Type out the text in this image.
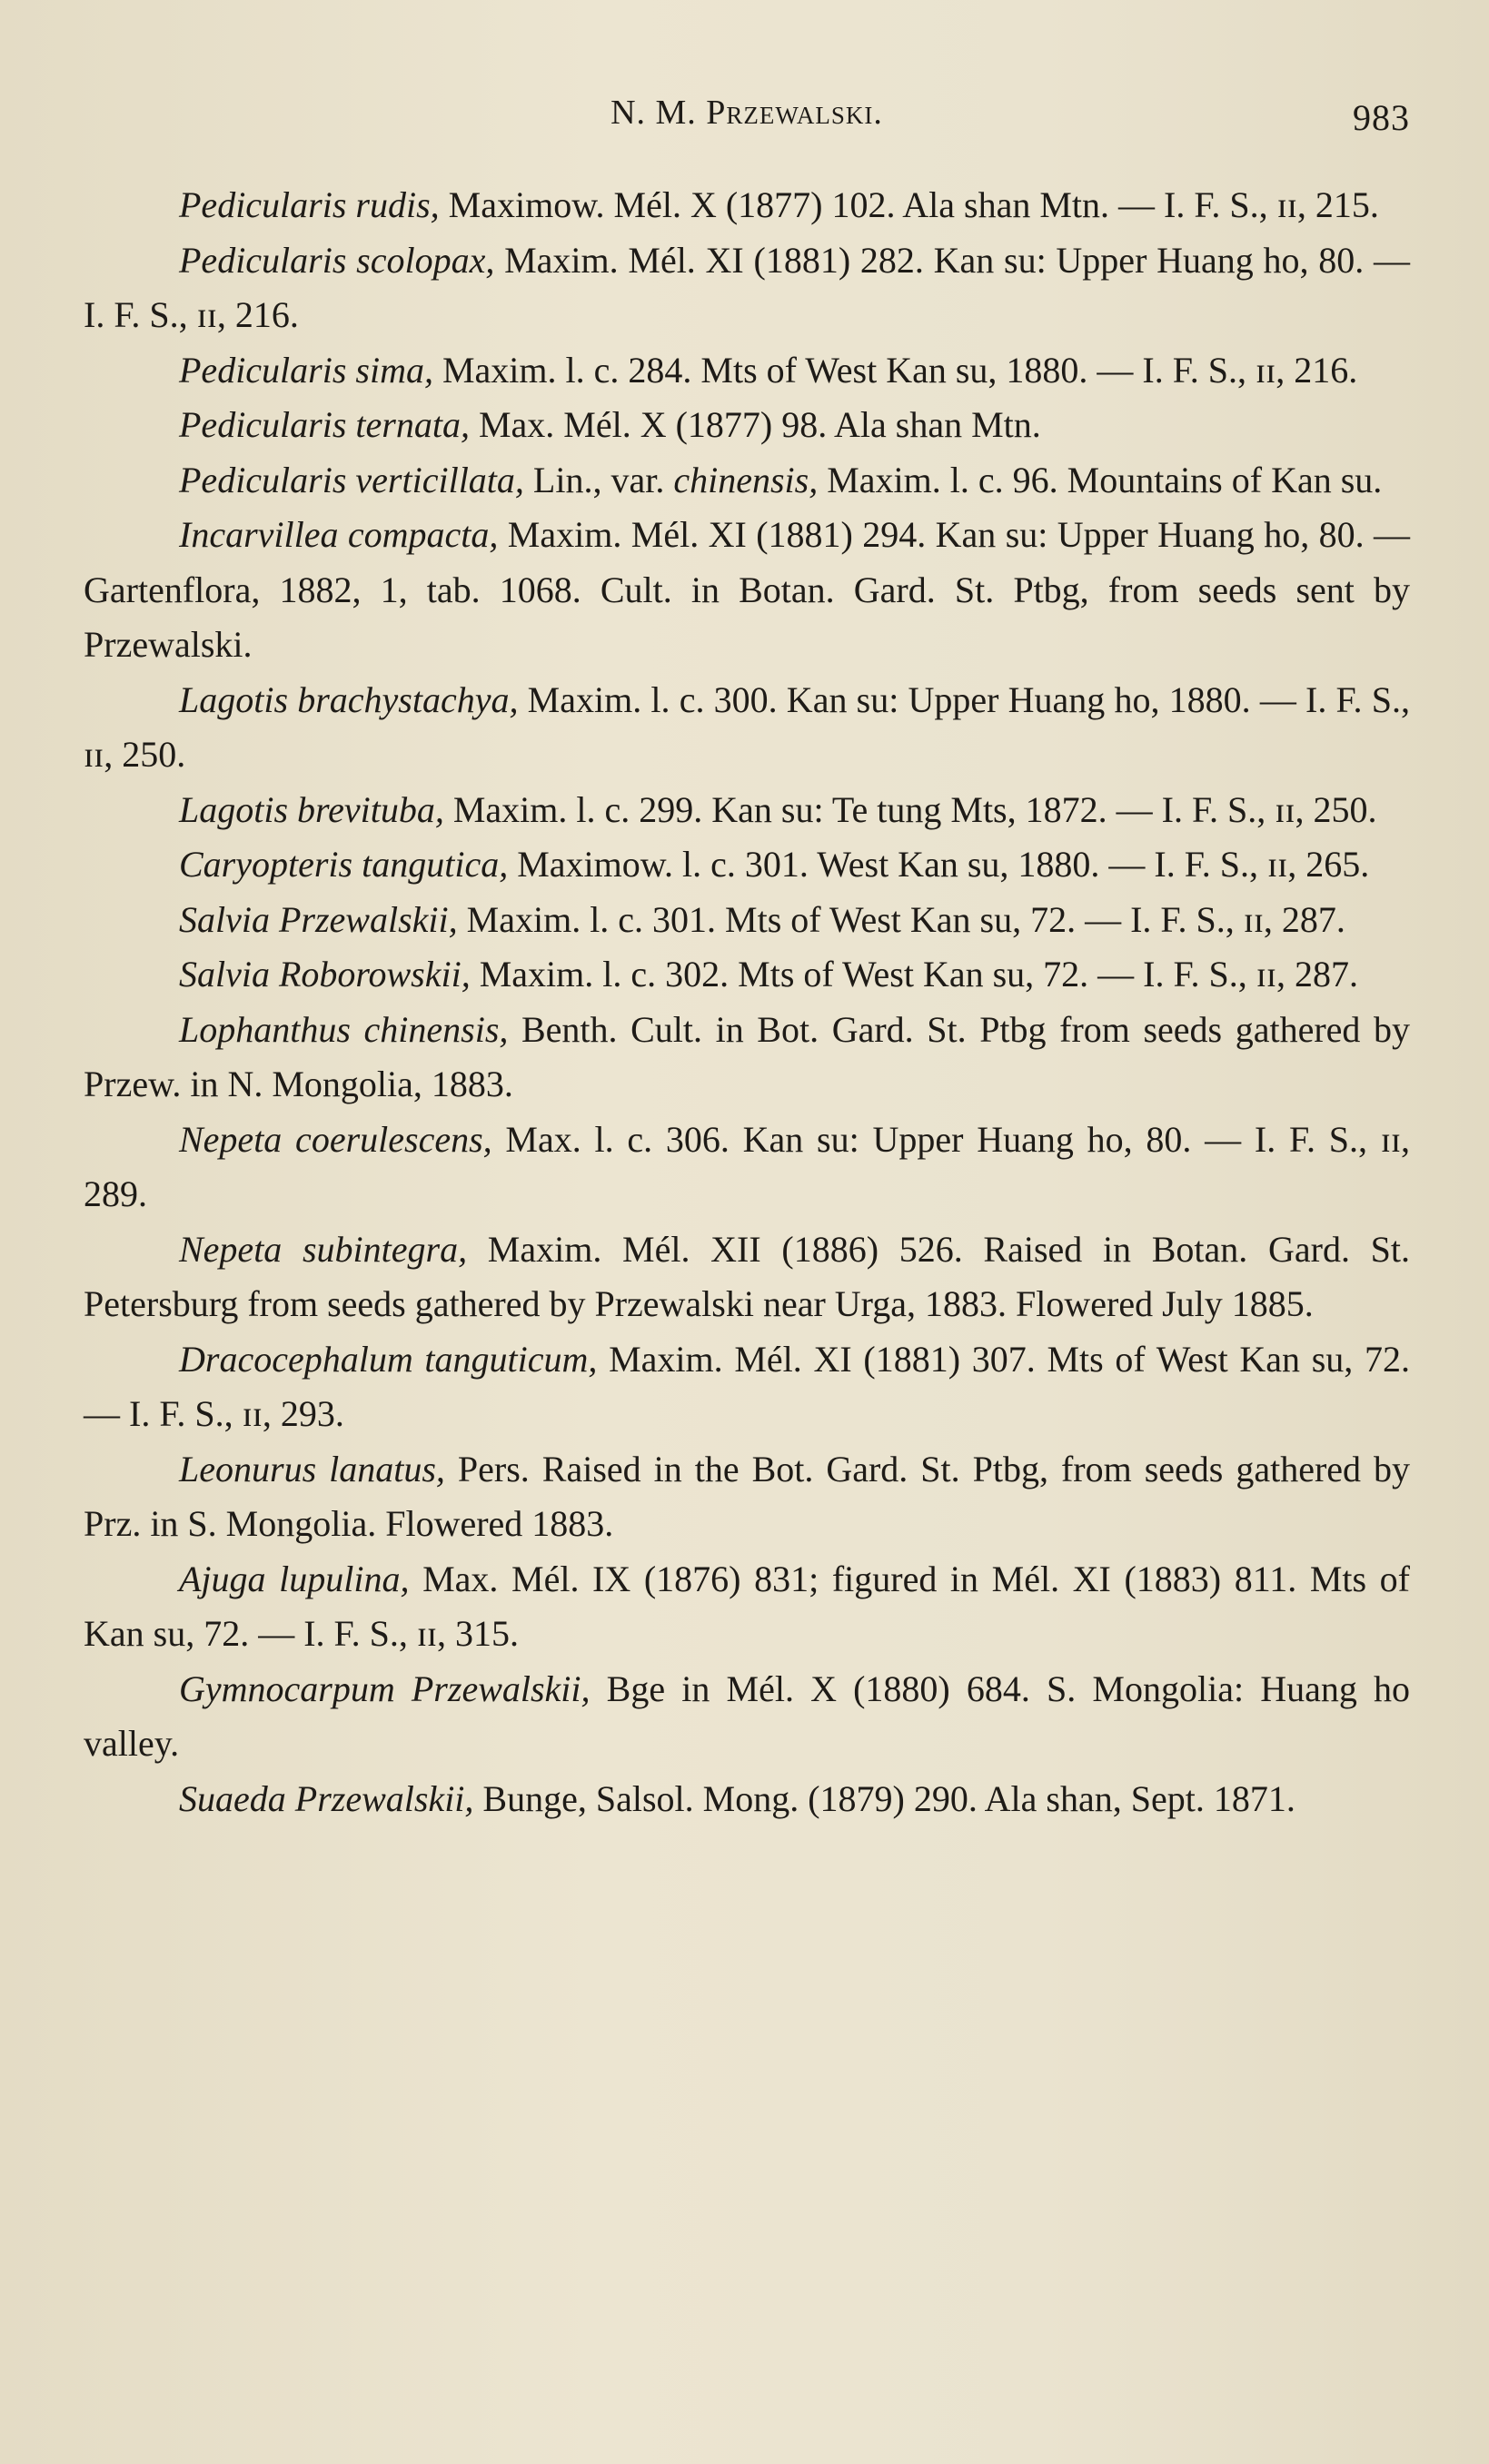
N. M. Przewalski.	983

Pedicularis rudis, Maximow. Mél. X (1877) 102. Ala shan Mtn. — I. F. S., ɪɪ, 215.

Pedicularis scolopax, Maxim. Mél. XI (1881) 282. Kan su: Upper Huang ho, 80. — I. F. S., ɪɪ, 216.

Pedicularis sima, Maxim. l. c. 284. Mts of West Kan su, 1880. — I. F. S., ɪɪ, 216.

Pedicularis ternata, Max. Mél. X (1877) 98. Ala shan Mtn.

Pedicularis verticillata, Lin., var. chinensis, Maxim. l. c. 96. Mountains of Kan su.

Incarvillea compacta, Maxim. Mél. XI (1881) 294. Kan su: Upper Huang ho, 80. — Gartenflora, 1882, 1, tab. 1068. Cult. in Botan. Gard. St. Ptbg, from seeds sent by Przewalski.

Lagotis brachystachya, Maxim. l. c. 300. Kan su: Upper Huang ho, 1880. — I. F. S., ɪɪ, 250.

Lagotis brevituba, Maxim. l. c. 299. Kan su: Te tung Mts, 1872. — I. F. S., ɪɪ, 250.

Caryopteris tangutica, Maximow. l. c. 301. West Kan su, 1880. — I. F. S., ɪɪ, 265.

Salvia Przewalskii, Maxim. l. c. 301. Mts of West Kan su, 72. — I. F. S., ɪɪ, 287.

Salvia Roborowskii, Maxim. l. c. 302. Mts of West Kan su, 72. — I. F. S., ɪɪ, 287.

Lophanthus chinensis, Benth. Cult. in Bot. Gard. St. Ptbg from seeds gathered by Przew. in N. Mongolia, 1883.

Nepeta coerulescens, Max. l. c. 306. Kan su: Upper Huang ho, 80. — I. F. S., ɪɪ, 289.

Nepeta subintegra, Maxim. Mél. XII (1886) 526. Raised in Botan. Gard. St. Petersburg from seeds gathered by Przewalski near Urga, 1883. Flowered July 1885.

Dracocephalum tanguticum, Maxim. Mél. XI (1881) 307. Mts of West Kan su, 72. — I. F. S., ɪɪ, 293.

Leonurus lanatus, Pers. Raised in the Bot. Gard. St. Ptbg, from seeds gathered by Prz. in S. Mongolia. Flowered 1883.

Ajuga lupulina, Max. Mél. IX (1876) 831; figured in Mél. XI (1883) 811. Mts of Kan su, 72. — I. F. S., ɪɪ, 315.

Gymnocarpum Przewalskii, Bge in Mél. X (1880) 684. S. Mongolia: Huang ho valley.

Suaeda Przewalskii, Bunge, Salsol. Mong. (1879) 290. Ala shan, Sept. 1871.
